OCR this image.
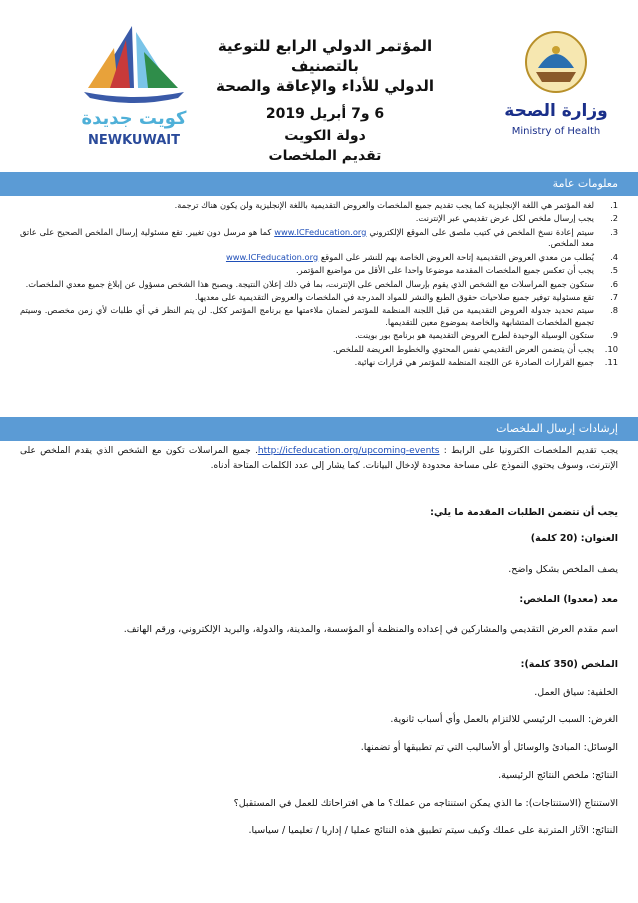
كويت جديدة
NEWKUWAIT
المؤتمر الدولي الرابع للتوعية بالتصنيف
الدولي للأداء والإعاقة والصحة
6 و7 أبريل 2019
دولة الكويت
تقديم الملخصات
وزارة الصحة
Ministry of Health
معلومات عامة
1.
لغة المؤتمر هي اللغة الإنجليزية كما يجب تقديم جميع الملخصات والعروض التقديمية باللغة الإنجليزية ولن يكون هناك ترجمة.
2.
يجب إرسال ملخص لكل عرض تقديمي عبر الإنترنت.
3.
سيتم إعادة نسخ الملخص في كتيب ملصق على الموقع الإلكتروني www.ICFeducation.org كما هو مرسل دون تغيير. تقع مسئولية إرسال الملخص الصحيح على عاتق معد الملخص.
4.
يُطلب من معدي العروض التقديمية إتاحة العروض الخاصة بهم للنشر على الموقع www.ICFeducation.org
5.
يجب أن تعكس جميع الملخصات المقدمة موضوعا واحدا على الأقل من مواضيع المؤتمر.
6.
ستكون جميع المراسلات مع الشخص الذي يقوم بإرسال الملخص على الإنترنت، بما في ذلك إعلان النتيجة. ويصبح هذا الشخص مسؤول عن إبلاغ جميع معدي الملخصات.
7.
تقع مسئولية توفير جميع صلاحيات حقوق الطبع والنشر للمواد المدرجة في الملخصات والعروض التقديمية على معديها.
8.
سيتم تحديد جدولة العروض التقديمية من قبل اللجنة المنظمة للمؤتمر لضمان ملاءمتها مع برنامج المؤتمر ككل. لن يتم النظر في أي طلبات لأي زمن مخصص. وسيتم تجميع الملخصات المتشابهة والخاصة بموضوع معين للتقديمها.
9.
ستكون الوسيلة الوحيدة لطرح العروض التقديمية هو برنامج بور بوينت.
10.
يجب أن يتضمن العرض التقديمي نفس المحتوي والخطوط العريضة للملخص.
11.
جميع القرارات الصادرة عن اللجنة المنظمة للمؤتمر هي قرارات نهائية.
إرشادات إرسال الملخصات
يجب تقديم الملخصات الكترونيا على الرابط : http://icfeducation.org/upcoming-events. جميع المراسلات تكون مع الشخص الذي يقدم الملخص على الإنترنت، وسوف يحتوي النموذج على مساحة محدودة لإدخال البيانات. كما يشار إلى عدد الكلمات المتاحة أدناه.
يجب أن تتضمن الطلبات المقدمة ما يلي:
العنوان: (20 كلمة)
يصف الملخص بشكل واضح.
معد (معدوا) الملخص:
اسم مقدم العرض التقديمي والمشاركين في إعداده والمنظمة أو المؤسسة، والمدينة، والدولة، والبريد الإلكتروني، ورقم الهاتف.
الملخص (350 كلمة):
الخلفية: سياق العمل.
الغرض: السبب الرئيسي للالتزام بالعمل وأي أسباب ثانوية.
الوسائل: المبادئ والوسائل أو الأساليب التي تم تطبيقها أو تضمنها.
النتائج: ملخص النتائج الرئيسية.
الاستنتاج (الاستنتاجات): ما الذي يمكن استنتاجه من عملك؟ ما هي افتراحاتك للعمل في المستقبل؟
النتائج: الآثار المترتبة على عملك وكيف سيتم تطبيق هذه النتائج عمليا / إداريا / تعليميا / سياسيا.
